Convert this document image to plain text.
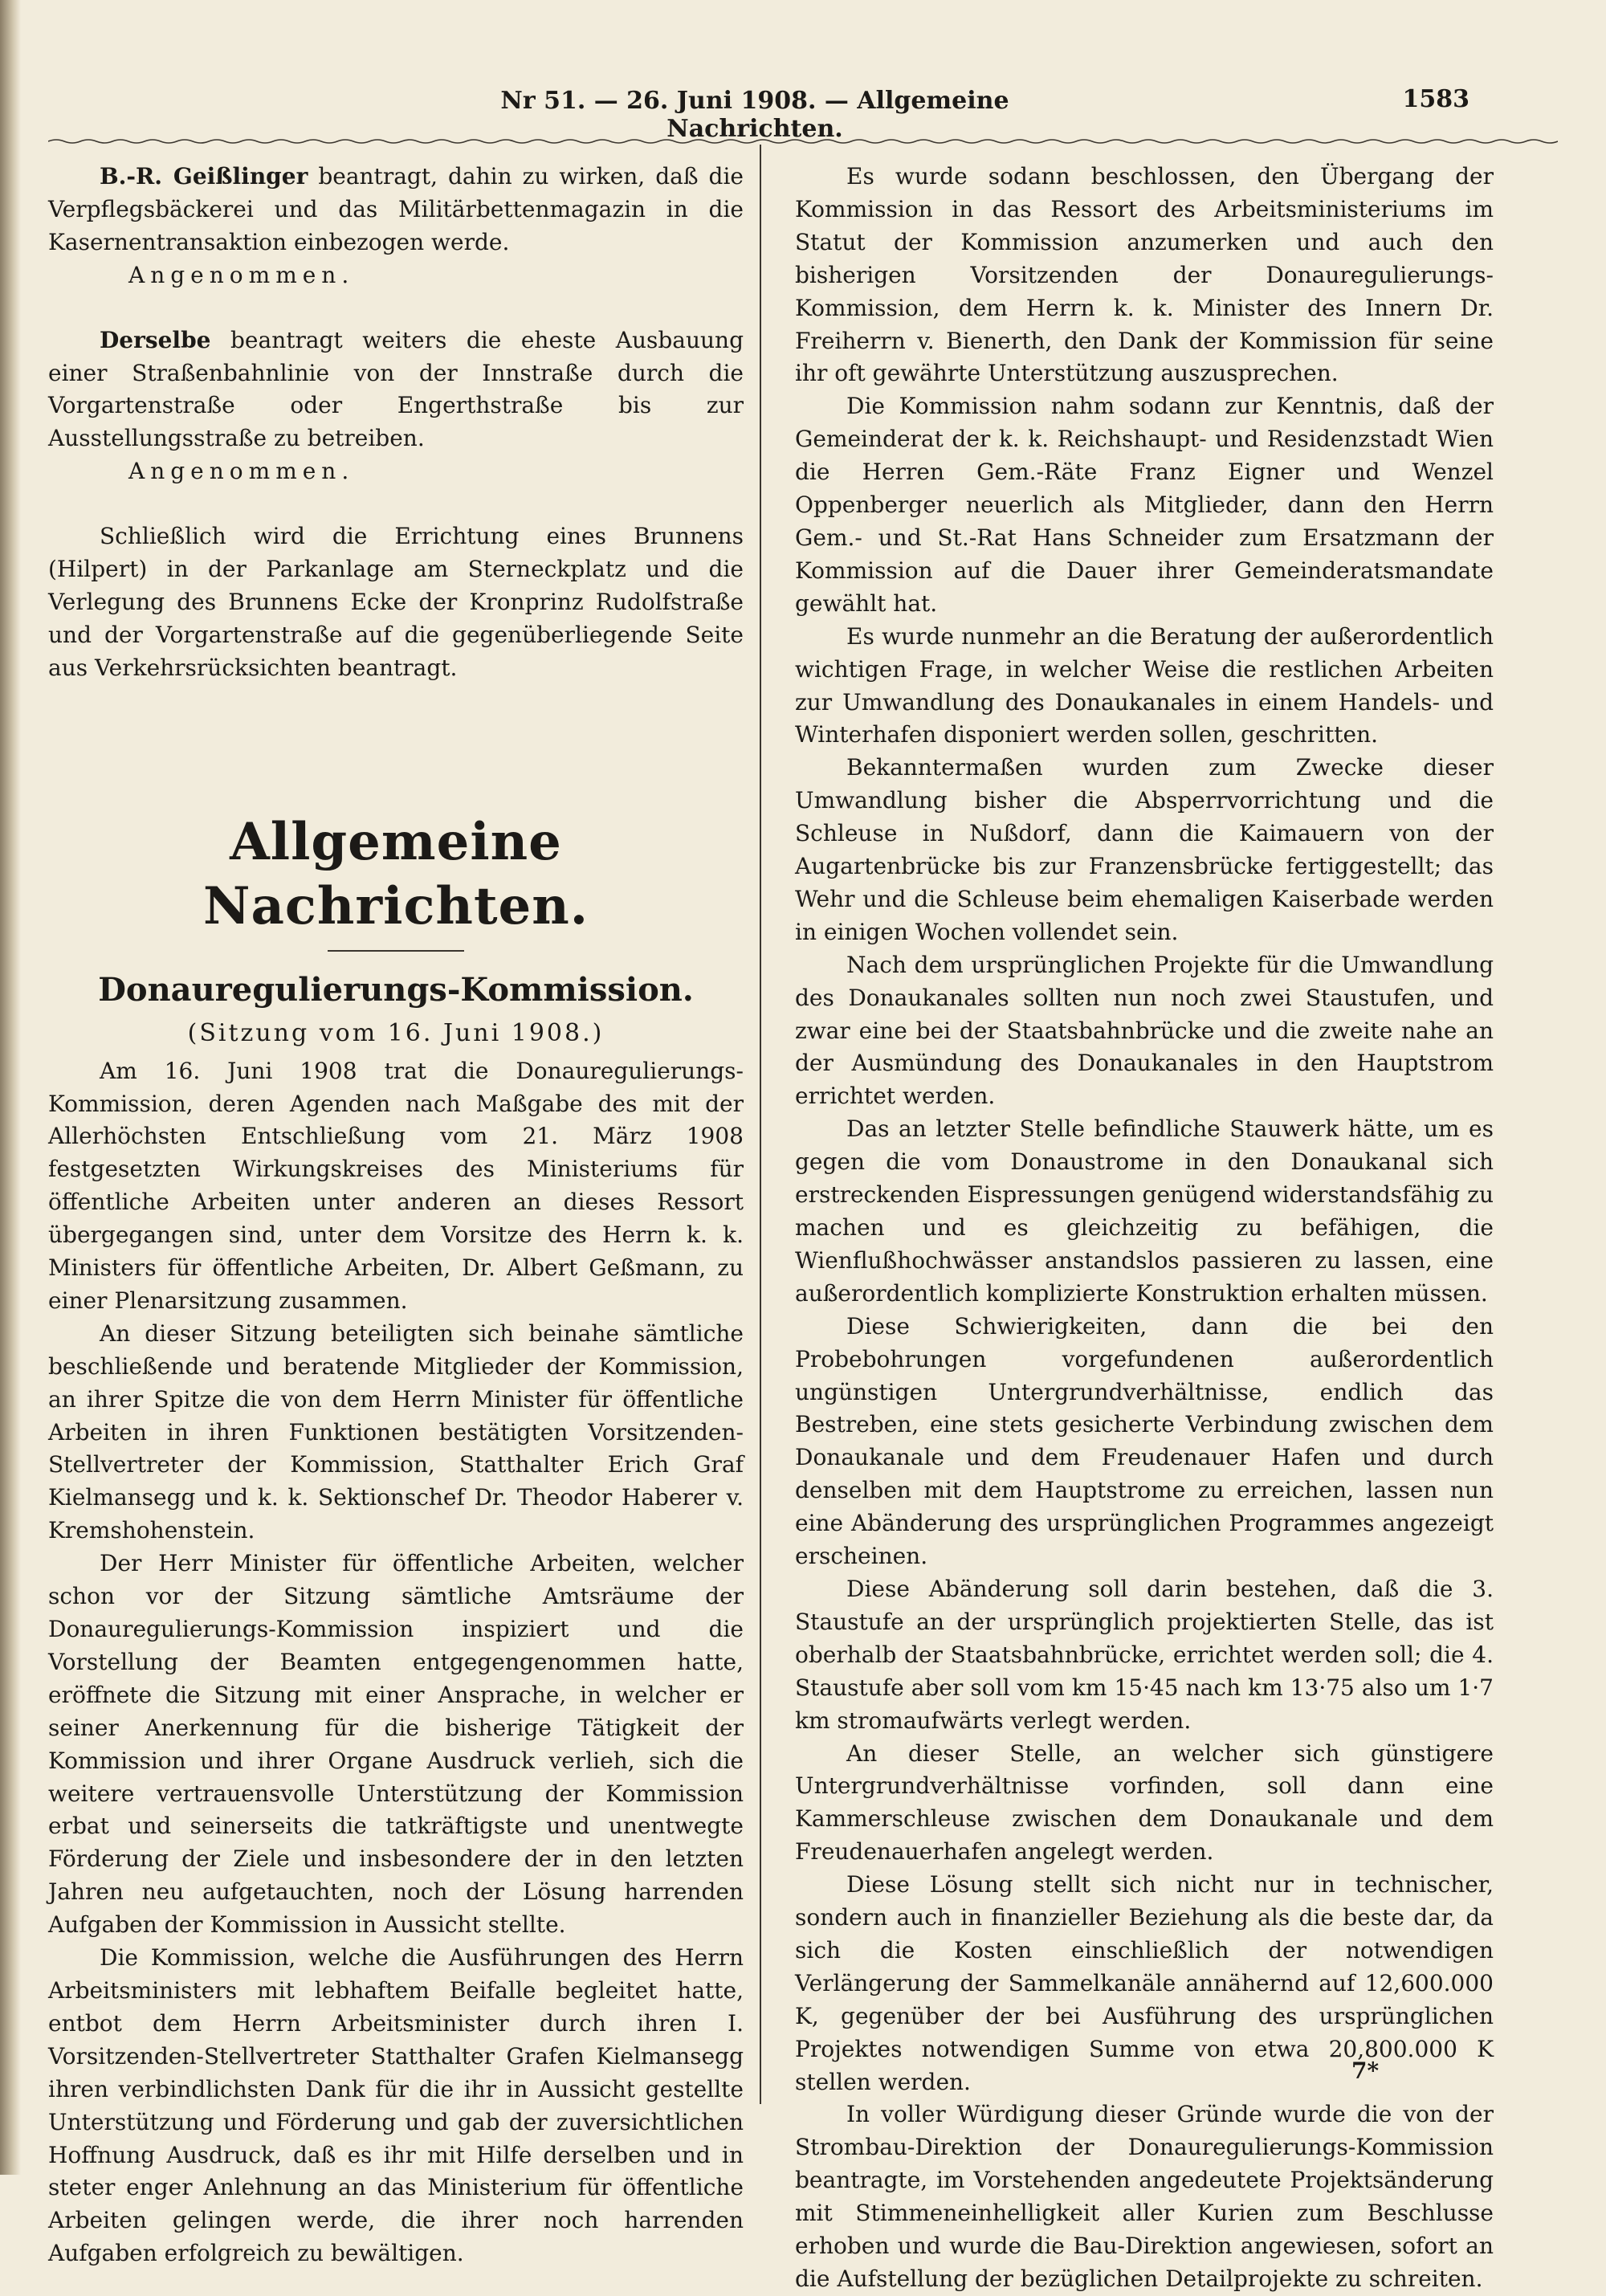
Nr 51. — 26. Juni 1908. — Allgemeine Nachrichten.
1583

B.-R. Geißlinger beantragt, dahin zu wirken, daß die Verpflegsbäckerei und das Militärbettenmagazin in die Kasernentransaktion einbezogen werde.

Angenommen.

Derselbe beantragt weiters die eheste Ausbauung einer Straßenbahnlinie von der Innstraße durch die Vorgartenstraße oder Engerthstraße bis zur Ausstellungsstraße zu betreiben.

Angenommen.

Schließlich wird die Errichtung eines Brunnens (Hilpert) in der Parkanlage am Sterneckplatz und die Verlegung des Brunnens Ecke der Kronprinz Rudolfstraße und der Vorgartenstraße auf die gegenüberliegende Seite aus Verkehrsrücksichten beantragt.

Allgemeine Nachrichten.
Donauregulierungs-Kommission.
(Sitzung vom 16. Juni 1908.)

Am 16. Juni 1908 trat die Donauregulierungs-Kommission, deren Agenden nach Maßgabe des mit der Allerhöchsten Entschließung vom 21. März 1908 festgesetzten Wirkungskreises des Ministeriums für öffentliche Arbeiten unter anderen an dieses Ressort übergegangen sind, unter dem Vorsitze des Herrn k. k. Ministers für öffentliche Arbeiten, Dr. Albert Geßmann, zu einer Plenarsitzung zusammen.

An dieser Sitzung beteiligten sich beinahe sämtliche beschließende und beratende Mitglieder der Kommission, an ihrer Spitze die von dem Herrn Minister für öffentliche Arbeiten in ihren Funktionen bestätigten Vorsitzenden-Stellvertreter der Kommission, Statthalter Erich Graf Kielmansegg und k. k. Sektionschef Dr. Theodor Haberer v. Kremshohenstein.

Der Herr Minister für öffentliche Arbeiten, welcher schon vor der Sitzung sämtliche Amtsräume der Donauregulierungs-Kommission inspiziert und die Vorstellung der Beamten entgegengenommen hatte, eröffnete die Sitzung mit einer Ansprache, in welcher er seiner Anerkennung für die bisherige Tätigkeit der Kommission und ihrer Organe Ausdruck verlieh, sich die weitere vertrauensvolle Unterstützung der Kommission erbat und seinerseits die tatkräftigste und unentwegte Förderung der Ziele und insbesondere der in den letzten Jahren neu aufgetauchten, noch der Lösung harrenden Aufgaben der Kommission in Aussicht stellte.

Die Kommission, welche die Ausführungen des Herrn Arbeitsministers mit lebhaftem Beifalle begleitet hatte, entbot dem Herrn Arbeitsminister durch ihren I. Vorsitzenden-Stellvertreter Statthalter Grafen Kielmansegg ihren verbindlichsten Dank für die ihr in Aussicht gestellte Unterstützung und Förderung und gab der zuversichtlichen Hoffnung Ausdruck, daß es ihr mit Hilfe derselben und in steter enger Anlehnung an das Ministerium für öffentliche Arbeiten gelingen werde, die ihrer noch harrenden Aufgaben erfolgreich zu bewältigen.

Es wurde sodann beschlossen, den Übergang der Kommission in das Ressort des Arbeitsministeriums im Statut der Kommission anzumerken und auch den bisherigen Vorsitzenden der Donauregulierungs-Kommission, dem Herrn k. k. Minister des Innern Dr. Freiherrn v. Bienerth, den Dank der Kommission für seine ihr oft gewährte Unterstützung auszusprechen.

Die Kommission nahm sodann zur Kenntnis, daß der Gemeinderat der k. k. Reichshaupt- und Residenzstadt Wien die Herren Gem.-Räte Franz Eigner und Wenzel Oppenberger neuerlich als Mitglieder, dann den Herrn Gem.- und St.-Rat Hans Schneider zum Ersatzmann der Kommission auf die Dauer ihrer Gemeinderatsmandate gewählt hat.

Es wurde nunmehr an die Beratung der außerordentlich wichtigen Frage, in welcher Weise die restlichen Arbeiten zur Umwandlung des Donaukanales in einem Handels- und Winterhafen disponiert werden sollen, geschritten.

Bekanntermaßen wurden zum Zwecke dieser Umwandlung bisher die Absperrvorrichtung und die Schleuse in Nußdorf, dann die Kaimauern von der Augartenbrücke bis zur Franzensbrücke fertiggestellt; das Wehr und die Schleuse beim ehemaligen Kaiserbade werden in einigen Wochen vollendet sein.

Nach dem ursprünglichen Projekte für die Umwandlung des Donaukanales sollten nun noch zwei Staustufen, und zwar eine bei der Staatsbahnbrücke und die zweite nahe an der Ausmündung des Donaukanales in den Hauptstrom errichtet werden.

Das an letzter Stelle befindliche Stauwerk hätte, um es gegen die vom Donaustrome in den Donaukanal sich erstreckenden Eispressungen genügend widerstandsfähig zu machen und es gleichzeitig zu befähigen, die Wienflußhochwässer anstandslos passieren zu lassen, eine außerordentlich komplizierte Konstruktion erhalten müssen.

Diese Schwierigkeiten, dann die bei den Probebohrungen vorgefundenen außerordentlich ungünstigen Untergrundverhältnisse, endlich das Bestreben, eine stets gesicherte Verbindung zwischen dem Donaukanale und dem Freudenauer Hafen und durch denselben mit dem Hauptstrome zu erreichen, lassen nun eine Abänderung des ursprünglichen Programmes angezeigt erscheinen.

Diese Abänderung soll darin bestehen, daß die 3. Staustufe an der ursprünglich projektierten Stelle, das ist oberhalb der Staatsbahnbrücke, errichtet werden soll; die 4. Staustufe aber soll vom km 15·45 nach km 13·75 also um 1·7 km stromaufwärts verlegt werden.

An dieser Stelle, an welcher sich günstigere Untergrundverhältnisse vorfinden, soll dann eine Kammerschleuse zwischen dem Donaukanale und dem Freudenauerhafen angelegt werden.

Diese Lösung stellt sich nicht nur in technischer, sondern auch in finanzieller Beziehung als die beste dar, da sich die Kosten einschließlich der notwendigen Verlängerung der Sammelkanäle annähernd auf 12,600.000 K, gegenüber der bei Ausführung des ursprünglichen Projektes notwendigen Summe von etwa 20,800.000 K stellen werden.

In voller Würdigung dieser Gründe wurde die von der Strombau-Direktion der Donauregulierungs-Kommission beantragte, im Vorstehenden angedeutete Projektsänderung mit Stimmeneinhelligkeit aller Kurien zum Beschlusse erhoben und wurde die Bau-Direktion angewiesen, sofort an die Aufstellung der bezüglichen Detailprojekte zu schreiten.

7*
